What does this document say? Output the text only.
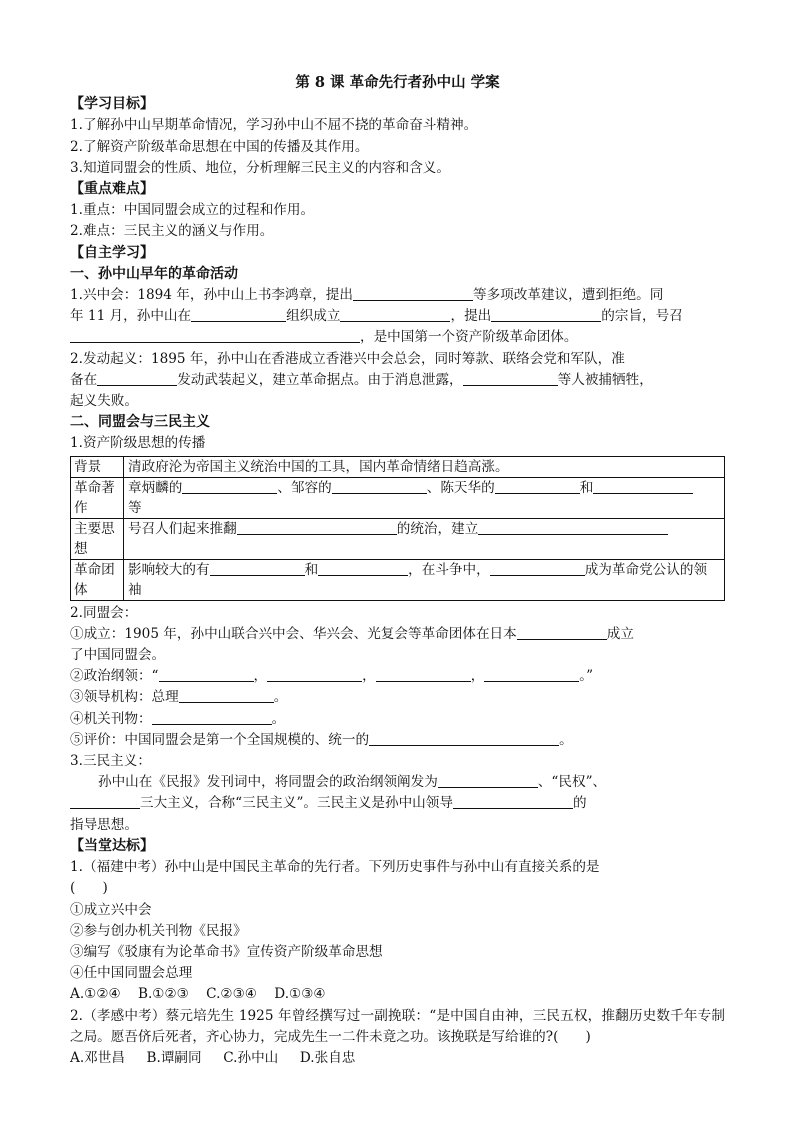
第 8 课 革命先行者孙中山 学案
【学习目标】
1.了解孙中山早期革命情况，学习孙中山不屈不挠的革命奋斗精神。
2.了解资产阶级革命思想在中国的传播及其作用。
3.知道同盟会的性质、地位，分析理解三民主义的内容和含义。
【重点难点】
1.重点：中国同盟会成立的过程和作用。
2.难点：三民主义的涵义与作用。
【自主学习】
一、孙中山早年的革命活动
1.兴中会：1894 年，孙中山上书李鸿章，提出	等多项改革建议，遭到拒绝。同
年 11 月，孙中山在	组织成立	，提出	的宗旨，号召
，是中国第一个资产阶级革命团体。
2.发动起义：1895 年，孙中山在香港成立香港兴中会总会，同时筹款、联络会党和军队，准
备在	发动武装起义，建立革命据点。由于消息泄露，	等人被捕牺牲，
起义失败。
二、同盟会与三民主义
1.资产阶级思想的传播
背景	清政府沦为帝国主义统治中国的工具，国内革命情绪日趋高涨。
革命著作	章炳麟的 、邹容的 、陈天华的 和
等
主要思想	号召人们起来推翻 的统治，建立

革命团体	影响较大的有 和 ，在斗争中， 成为革命党公认的领袖
2.同盟会：
①成立：1905 年，孙中山联合兴中会、华兴会、光复会等革命团体在日本	成立
了中国同盟会。
②政治纲领：“	，	，	，	。”
③领导机构：总理	。
④机关刊物：	。
⑤评价：中国同盟会是第一个全国规模的、统一的	。
3.三民主义：
孙中山在《民报》发刊词中，将同盟会的政治纲领阐发为	、“民权”、
三大主义，合称“三民主义”。三民主义是孙中山领导	的
指导思想。
【当堂达标】
1.（福建中考）孙中山是中国民主革命的先行者。下列历史事件与孙中山有直接关系的是
(　　)
①成立兴中会
②参与创办机关刊物《民报》
③编写《驳康有为论革命书》宣传资产阶级革命思想
④任中国同盟会总理
A.①②④ B.①②③ C.②③④ D.①③④
2.（孝感中考）蔡元培先生 1925 年曾经撰写过一副挽联：“是中国自由神，三民五权，推翻历史数千年专制之局。愿吾侪后死者，齐心协力，完成先生一二件未竟之功。该挽联是写给谁的?(　　)
A.邓世昌 B.谭嗣同 C.孙中山 D.张自忠
